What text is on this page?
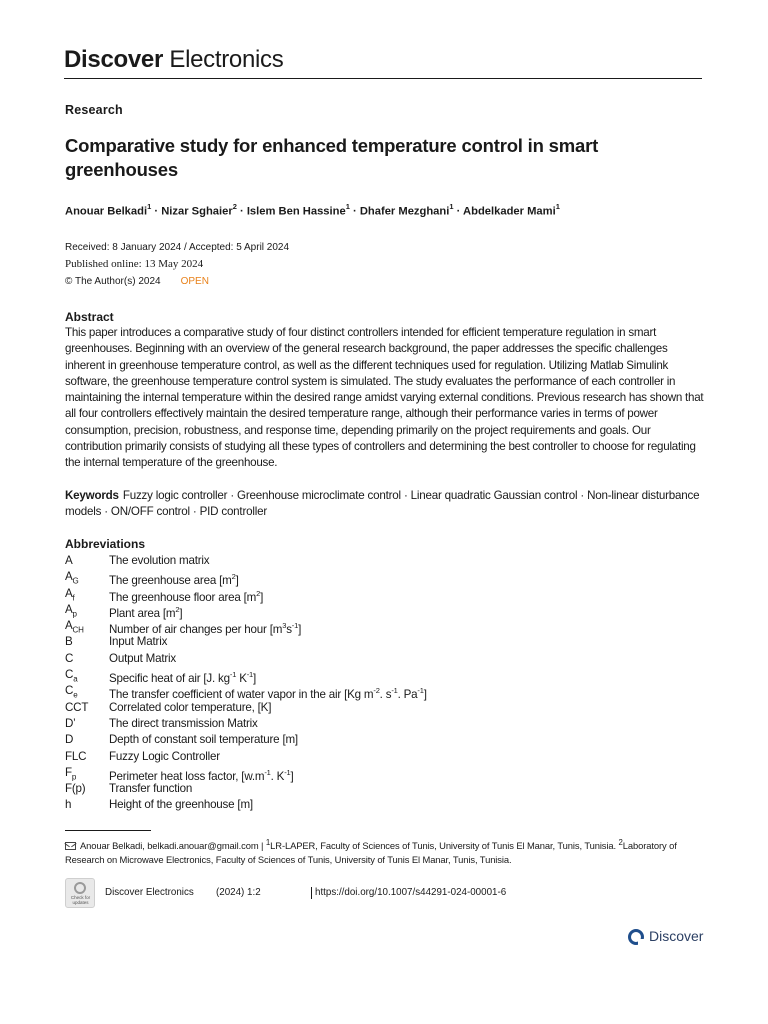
Discover Electronics
Research
Comparative study for enhanced temperature control in smart greenhouses
Anouar Belkadi$^1$ · Nizar Sghaier$^2$ · Islem Ben Hassine$^1$ · Dhafer Mezghani$^1$ · Abdelkader Mami$^1$
Received: 8 January 2024 / Accepted: 5 April 2024
Published online: 13 May 2024
© The Author(s) 2024 OPEN
Abstract
This paper introduces a comparative study of four distinct controllers intended for efficient temperature regulation in smart greenhouses. Beginning with an overview of the general research background, the paper addresses the specific challenges inherent in greenhouse temperature control, as well as the different techniques used for regulation. Utilizing Matlab Simulink software, the greenhouse temperature control system is simulated. The study evaluates the performance of each controller in maintaining the internal temperature within the desired range amidst varying external conditions. Previous research has shown that all four controllers effectively maintain the desired temperature range, although their performance varies in terms of power consumption, precision, robustness, and response time, depending primarily on the project requirements and goals. Our contribution primarily consists of studying all these types of controllers and determining the best controller to choose for regulating the internal temperature of the greenhouse.
Keywords Fuzzy logic controller · Greenhouse microclimate control · Linear quadratic Gaussian control · Non-linear disturbance models · ON/OFF control · PID controller
Abbreviations
A	The evolution matrix
$A_G$	The greenhouse area $[m^2]$
$A_f$	The greenhouse floor area $[m^2]$
$A_p$	Plant area $[m^2]$
$A_{CH}$ Number of air changes per hour $[m^3s^{-1}]$
B	Input Matrix
C	Output Matrix
$C_a$	Specific heat of air [J. $kg^{-1}$ $K^{-1}$]
$C_e$	The transfer coefficient of water vapor in the air [Kg $m^{-2}$. $s^{-1}$. $Pa^{-1}$]
CCT Correlated color temperature, [K]
D’	The direct transmission Matrix
D	Depth of constant soil temperature [m]
FLC Fuzzy Logic Controller
$F_p$	Perimeter heat loss factor, [$w.m^{-1}$. $K^{-1}$]
F(p) Transfer function
h	Height of the greenhouse [m]
Anouar Belkadi, belkadi.anouar@gmail.com | $^1$LR-LAPER, Faculty of Sciences of Tunis, University of Tunis El Manar, Tunis, Tunisia. $^2$Laboratory of Research on Microwave Electronics, Faculty of Sciences of Tunis, University of Tunis El Manar, Tunis, Tunisia.
Check for updates
Discover Electronics (2024) 1:2	https://doi.org/10.1007/s44291-024-00001-6
Discover
